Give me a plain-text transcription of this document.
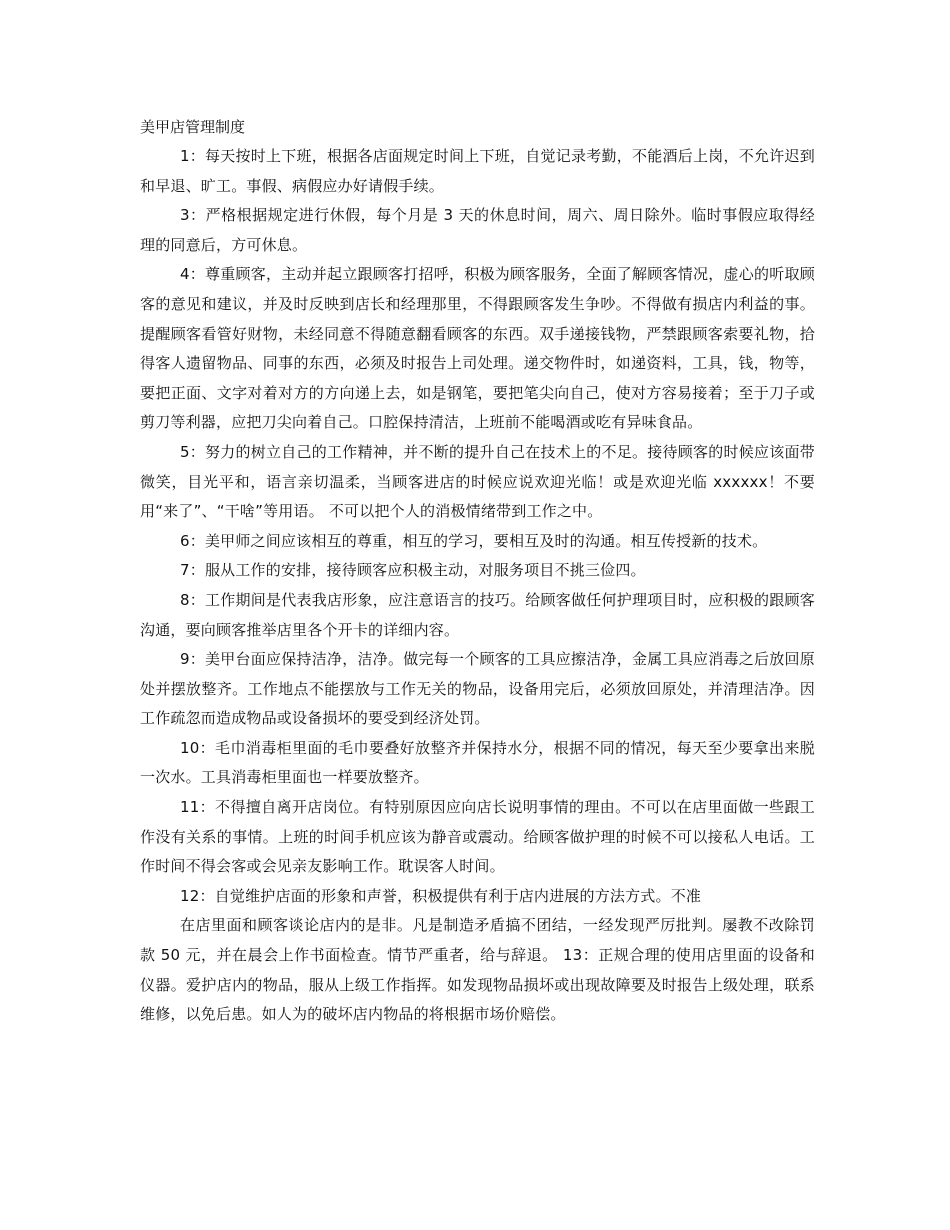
美甲店管理制度

1：每天按时上下班，根据各店面规定时间上下班，自觉记录考勤，不能酒后上岗，不允许迟到和早退、旷工。事假、病假应办好请假手续。

3：严格根据规定进行休假，每个月是 3 天的休息时间，周六、周日除外。临时事假应取得经理的同意后，方可休息。

4：尊重顾客，主动并起立跟顾客打招呼，积极为顾客服务，全面了解顾客情况，虚心的听取顾客的意见和建议，并及时反映到店长和经理那里，不得跟顾客发生争吵。不得做有损店内利益的事。提醒顾客看管好财物，未经同意不得随意翻看顾客的东西。双手递接钱物，严禁跟顾客索要礼物，拾得客人遗留物品、同事的东西，必须及时报告上司处理。递交物件时，如递资料，工具，钱，物等，要把正面、文字对着对方的方向递上去，如是钢笔，要把笔尖向自己，使对方容易接着；至于刀子或剪刀等利器，应把刀尖向着自己。口腔保持清洁，上班前不能喝酒或吃有异味食品。

5：努力的树立自己的工作精神，并不断的提升自己在技术上的不足。接待顾客的时候应该面带微笑，目光平和，语言亲切温柔，当顾客进店的时候应说欢迎光临！或是欢迎光临 xxxxxx！不要用“来了”、“干啥”等用语。 不可以把个人的消极情绪带到工作之中。

6：美甲师之间应该相互的尊重，相互的学习，要相互及时的沟通。相互传授新的技术。

7：服从工作的安排，接待顾客应积极主动，对服务项目不挑三俭四。

8：工作期间是代表我店形象，应注意语言的技巧。给顾客做任何护理项目时，应积极的跟顾客沟通，要向顾客推举店里各个开卡的详细内容。

9：美甲台面应保持洁净，洁净。做完每一个顾客的工具应擦洁净，金属工具应消毒之后放回原处并摆放整齐。工作地点不能摆放与工作无关的物品，设备用完后，必须放回原处，并清理洁净。因工作疏忽而造成物品或设备损坏的要受到经济处罚。

10：毛巾消毒柜里面的毛巾要叠好放整齐并保持水分，根据不同的情况，每天至少要拿出来脱一次水。工具消毒柜里面也一样要放整齐。

11：不得擅自离开店岗位。有特别原因应向店长说明事情的理由。不可以在店里面做一些跟工作没有关系的事情。上班的时间手机应该为静音或震动。给顾客做护理的时候不可以接私人电话。工作时间不得会客或会见亲友影响工作。耽误客人时间。

12：自觉维护店面的形象和声誉，积极提供有利于店内进展的方法方式。不准

在店里面和顾客谈论店内的是非。凡是制造矛盾搞不团结，一经发现严厉批判。屡教不改除罚款 50 元，并在晨会上作书面检查。情节严重者，给与辞退。 13：正规合理的使用店里面的设备和仪器。爱护店内的物品，服从上级工作指挥。如发现物品损坏或出现故障要及时报告上级处理，联系维修，以免后患。如人为的破坏店内物品的将根据市场价赔偿。
